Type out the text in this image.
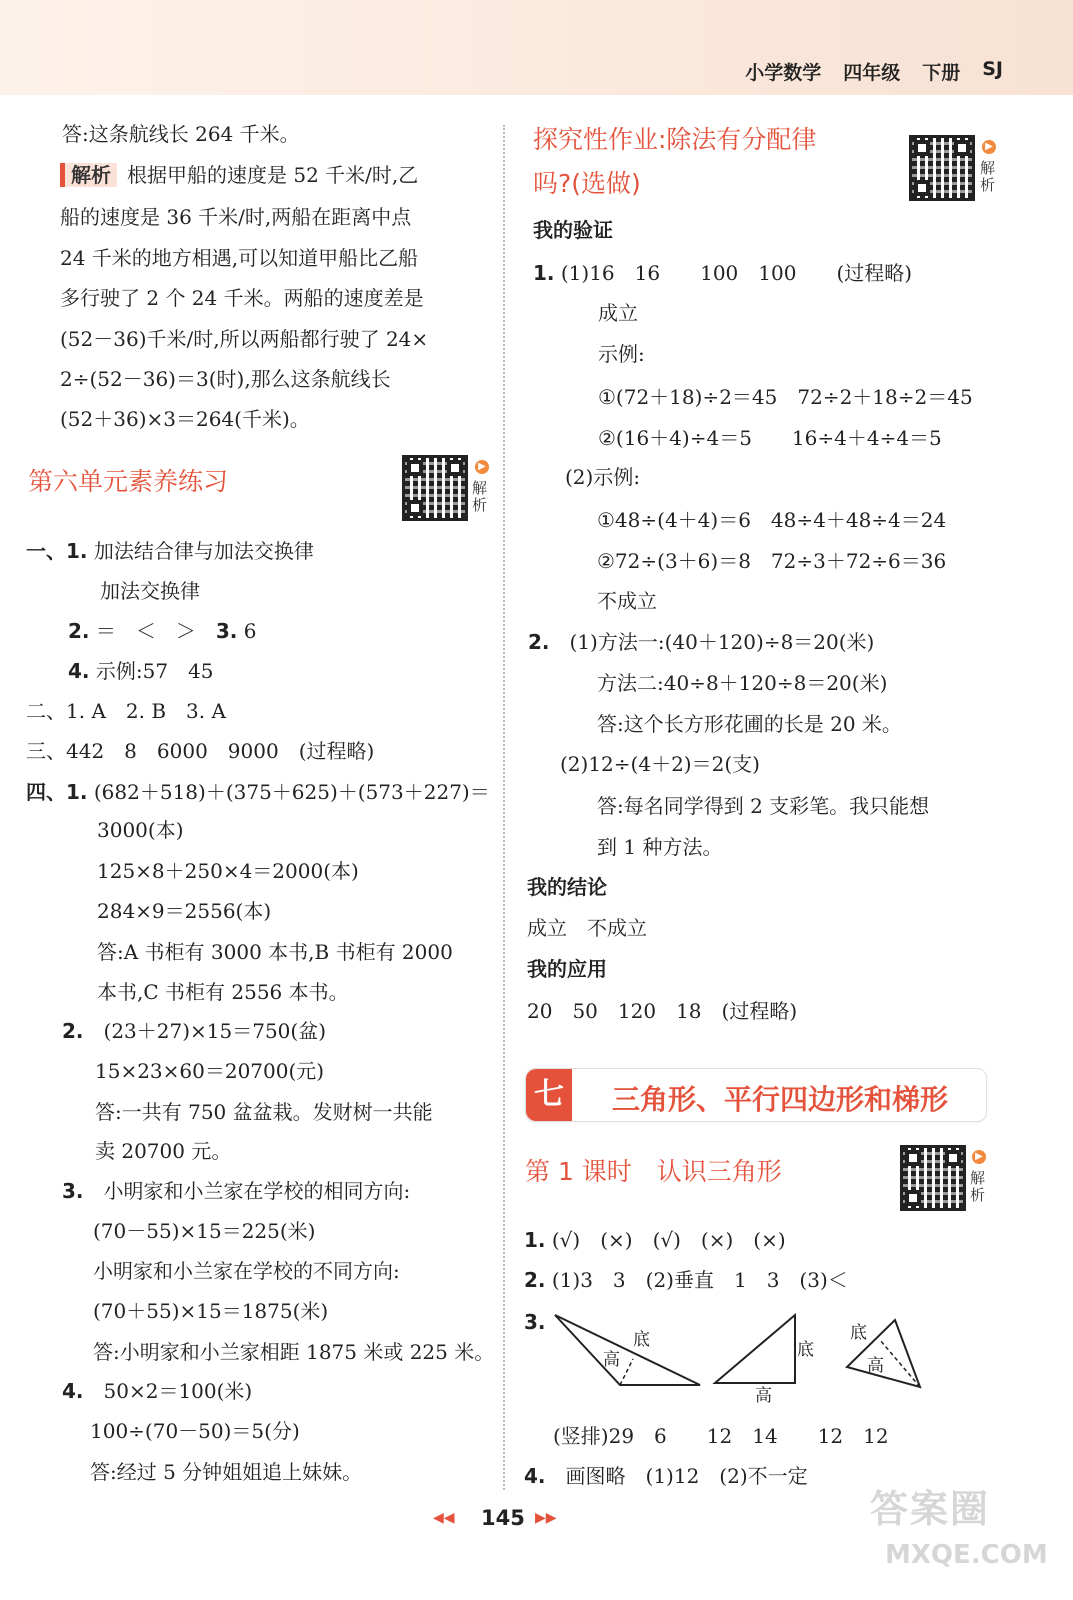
小学数学 四年级 下册 SJ
答:这条航线长 264 千米。
解析 根据甲船的速度是 52 千米/时,乙
船的速度是 36 千米/时,两船在距离中点
24 千米的地方相遇,可以知道甲船比乙船
多行驶了 2 个 24 千米。两船的速度差是
(52－36)千米/时,所以两船都行驶了 24×
2÷(52－36)＝3(时),那么这条航线长
(52＋36)×3＝264(千米)。
第六单元素养练习
▶
解析
一、1. 加法结合律与加法交换律
加法交换律
2. ＝　＜　＞　 3. 6
4. 示例:57　45
二、1. A　2. B　3. A
三、442　8　6000　9000　(过程略)
四、1. (682＋518)＋(375＋625)＋(573＋227)＝
3000(本)
125×8＋250×4＝2000(本)
284×9＝2556(本)
答:A 书柜有 3000 本书,B 书柜有 2000
本书,C 书柜有 2556 本书。
2.　 (23＋27)×15＝750(盆)
15×23×60＝20700(元)
答:一共有 750 盆盆栽。发财树一共能
卖 20700 元。
3.　 小明家和小兰家在学校的相同方向:
(70－55)×15＝225(米)
小明家和小兰家在学校的不同方向:
(70＋55)×15＝1875(米)
答:小明家和小兰家相距 1875 米或 225 米。
4.　 50×2＝100(米)
100÷(70－50)＝5(分)
答:经过 5 分钟姐姐追上妹妹。
探究性作业:除法有分配律
吗?(选做)
▶
解析
我的验证
1. (1)16　16　　100　100　　(过程略)
成立
示例:
①(72＋18)÷2＝45　72÷2＋18÷2＝45
②(16＋4)÷4＝5　　16÷4＋4÷4＝5
(2)示例:
①48÷(4＋4)＝6　48÷4＋48÷4＝24
②72÷(3＋6)＝8　72÷3＋72÷6＝36
不成立
2.　 (1)方法一:(40＋120)÷8＝20(米)
方法二:40÷8＋120÷8＝20(米)
答:这个长方形花圃的长是 20 米。
(2)12÷(4＋2)＝2(支)
答:每名同学得到 2 支彩笔。我只能想
到 1 种方法。
我的结论
成立　不成立
我的应用
20　50　120　18　(过程略)
七 三角形、平行四边形和梯形
第 1 课时　认识三角形
▶
解析
1. (√)　(×)　(√)　(×)　(×)
2. (1)3　3　(2)垂直　1　3　(3)＜
3.
底
高	底
高
底
高
(竖排)29　6　　12　14　　12　12
4.　 画图略　(1)12　(2)不一定
◀◀ 145 ▶▶	答案圈
MXQE.COM
